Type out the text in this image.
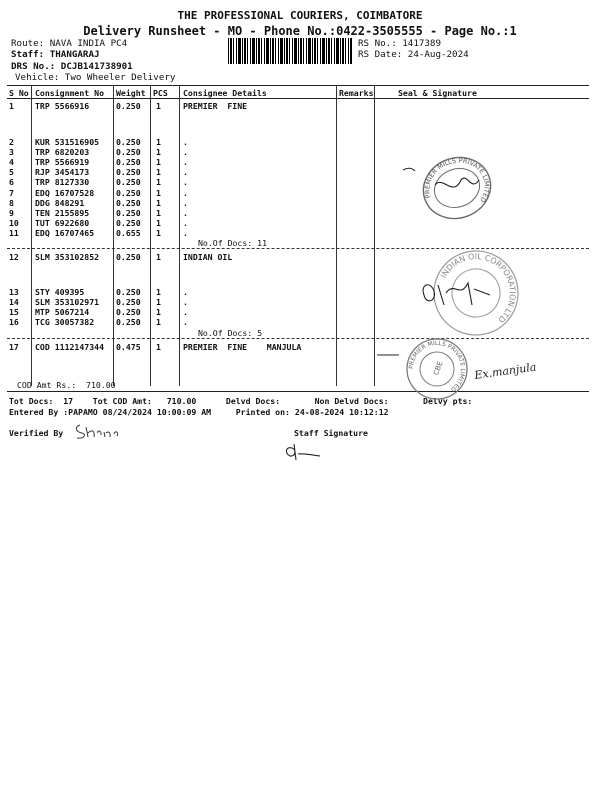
THE PROFESSIONAL COURIERS, COIMBATORE
Delivery Runsheet - MO - Phone No.:0422-3505555 - Page No.:1
Route: NAVA INDIA PC4
Staff: THANGARAJ
DRS No.: DCJB141738901
Vehicle: Two Wheeler Delivery
RS No.: 1417389
RS Date: 24-Aug-2024
S No Consignment No Weight PCS Consignee Details	Remarks	Seal & Signature
1	TRP 5566916	0.250 1	PREMIER  FINE
2	KUR 531516905 0.250 1	.
3	TRP 6820203	0.250 1	.
4	TRP 5566919	0.250 1	.
5	RJP 3454173	0.250 1	.
6	TRP 8127330	0.250 1	.
7	EDQ 16707528	0.250 1	.
8	DDG 848291	0.250 1	.
9	TEN 2155895	0.250 1	.
10 TUT 6922680	0.250 1	.
11 EDQ 16707465	0.655 1	.
No.Of Docs: 11
12 SLM 353102852 0.250 1	INDIAN OIL
13 STY 409395	0.250 1	.
14 SLM 353102971 0.250 1	.
15 MTP 5067214	0.250 1	.
16 TCG 30057382	0.250 1	.
No.Of Docs: 5
17 COD 1112147344 0.475 1	PREMIER  FINE    MANJULA
COD Amt Rs.:  710.00
Tot Docs:  17    Tot COD Amt:   710.00      Delvd Docs:       Non Delvd Docs:       Delvy pts:
Entered By :PAPAMO 08/24/2024 10:00:09 AM     Printed on: 24-08-2024 10:12:12
Verified By	Staff Signature
PREMIER MILLS PRIVATE LIMITED
INDIAN OIL CORPORATION LTD
PREMIER MILLS PRIVATE LIMITED
CBE	Ex.manjula
